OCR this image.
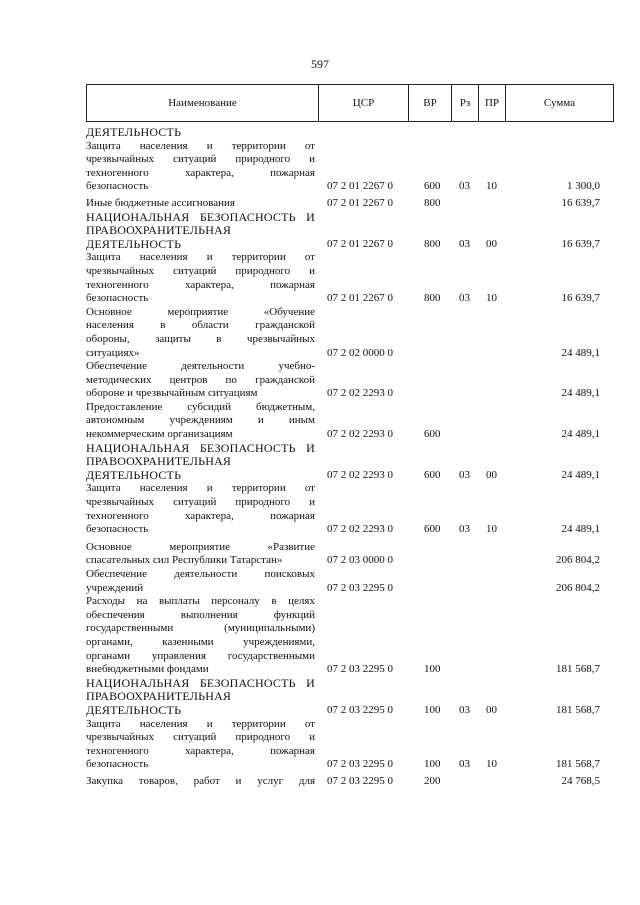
597
Наименование	ЦСР	ВР	Рз	ПР	Сумма
ДЕЯТЕЛЬНОСТЬ
Защита населения и территории от
чрезвычайных ситуаций природного и
техногенного характера, пожарная
безопасность	07 2 01 2267 0	600 03 10	1 300,0
Иные бюджетные ассигнования	07 2 01 2267 0	800	16 639,7
НАЦИОНАЛЬНАЯ БЕЗОПАСНОСТЬ И
ПРАВООХРАНИТЕЛЬНАЯ
ДЕЯТЕЛЬНОСТЬ	07 2 01 2267 0	800 03 00	16 639,7
Защита населения и территории от
чрезвычайных ситуаций природного и
техногенного характера, пожарная
безопасность	07 2 01 2267 0	800 03 10	16 639,7
Основное мероприятие «Обучение
населения в области гражданской
обороны, защиты в чрезвычайных
ситуациях»	07 2 02 0000 0	24 489,1
Обеспечение деятельности учебно-
методических центров по гражданской
обороне и чрезвычайным ситуациям	07 2 02 2293 0	24 489,1
Предоставление субсидий бюджетным,
автономным учреждениям и иным
некоммерческим организациям	07 2 02 2293 0	600	24 489,1
НАЦИОНАЛЬНАЯ БЕЗОПАСНОСТЬ И
ПРАВООХРАНИТЕЛЬНАЯ
ДЕЯТЕЛЬНОСТЬ	07 2 02 2293 0	600 03 00	24 489,1
Защита населения и территории от
чрезвычайных ситуаций природного и
техногенного характера, пожарная
безопасность	07 2 02 2293 0	600 03 10	24 489,1
Основное мероприятие «Развитие
спасательных сил Республики Татарстан»	07 2 03 0000 0	206 804,2
Обеспечение деятельности поисковых
учреждений	07 2 03 2295 0	206 804,2
Расходы на выплаты персоналу в целях
обеспечения выполнения функций
государственными (муниципальными)
органами, казенными учреждениями,
органами управления государственными
внебюджетными фондами	07 2 03 2295 0	100	181 568,7
НАЦИОНАЛЬНАЯ БЕЗОПАСНОСТЬ И
ПРАВООХРАНИТЕЛЬНАЯ
ДЕЯТЕЛЬНОСТЬ	07 2 03 2295 0	100 03 00	181 568,7
Защита населения и территории от
чрезвычайных ситуаций природного и
техногенного характера, пожарная
безопасность	07 2 03 2295 0	100 03 10	181 568,7
Закупка товаров, работ и услуг для 07 2 03 2295 0	200	24 768,5
